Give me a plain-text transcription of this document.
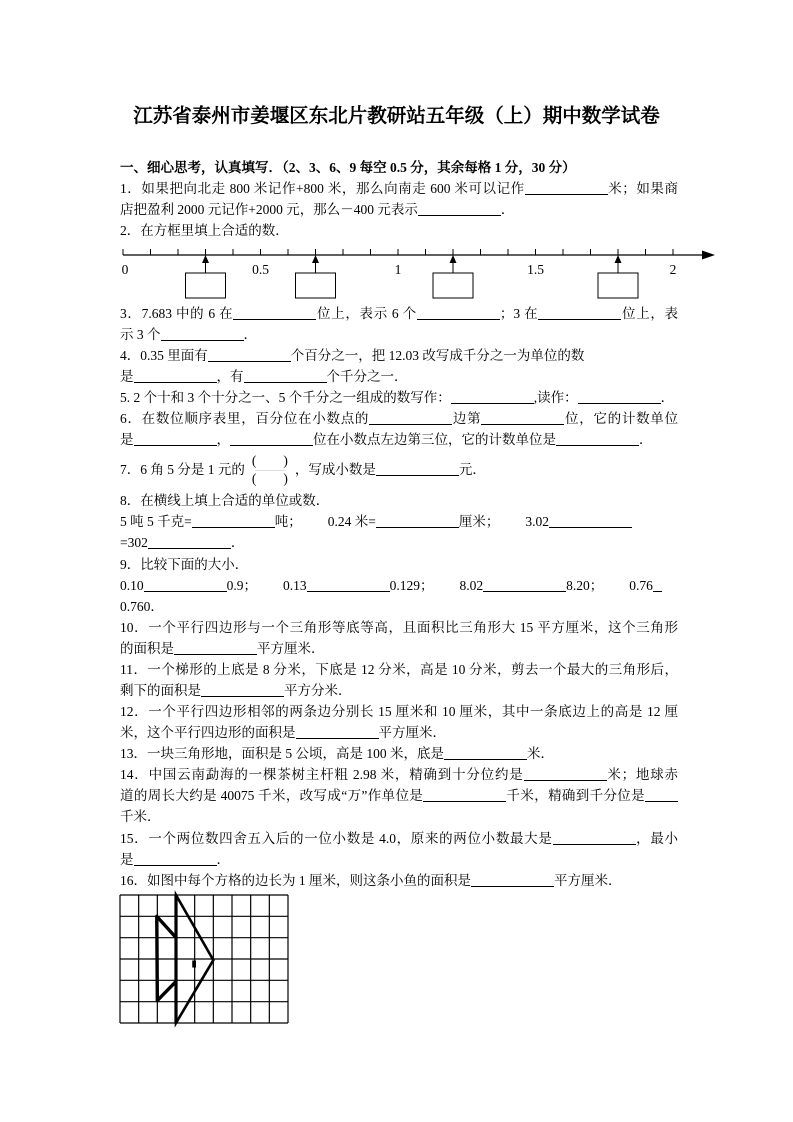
江苏省泰州市姜堰区东北片教研站五年级（上）期中数学试卷
一、细心思考，认真填写．（2、3、6、9 每空 0.5 分，其余每格 1 分，30 分）
1．如果把向北走 800 米记作+800 米，那么向南走 600 米可以记作	米；如果商
店把盈利 2000 元记作+2000 元，那么－400 元表示	．
2．在方框里填上合适的数．
0	0.5	1	1.5	2
3．7.683 中的 6 在	位上，表示 6 个	；3 在	位上，表
示 3 个	．
4．0.35 里面有	个百分之一，把 12.03 改写成千分之一为单位的数
是	，有	个千分之一．
5. 2 个十和 3 个十分之一、5 个千分之一组成的数写作：	,读作：	．
6．在数位顺序表里，百分位在小数点的	边第	位，它的计数单位
是	，	位在小数点左边第三位，它的计数单位是	．
7．6 角 5 分是 1 元的 $\frac{( )}{( )}$ ，写成小数是	元．
8．在横线上填上合适的单位或数．
5 吨 5 千克=	吨； 0.24 米=	厘米； 3.02
=302	．
9．比较下面的大小．
0.10	0.9； 0.13	0.129； 8.02	8.20； 0.76
0.760．
10．一个平行四边形与一个三角形等底等高，且面积比三角形大 15 平方厘米，这个三角形
的面积是	平方厘米．
11．一个梯形的上底是 8 分米，下底是 12 分米，高是 10 分米，剪去一个最大的三角形后，
剩下的面积是	平方分米．
12．一个平行四边形相邻的两条边分别长 15 厘米和 10 厘米，其中一条底边上的高是 12 厘
米，这个平行四边形的面积是	平方厘米．
13．一块三角形地，面积是 5 公顷，高是 100 米，底是	米．
14．中国云南勐海的一棵茶树主杆粗 2.98 米，精确到十分位约是	米；地球赤
道的周长大约是 40075 千米，改写成“万”作单位是	千米，精确到千分位是
千米．
15．一个两位数四舍五入后的一位小数是 4.0，原来的两位小数最大是	，最小
是	．
16．如图中每个方格的边长为 1 厘米，则这条小鱼的面积是	平方厘米．
